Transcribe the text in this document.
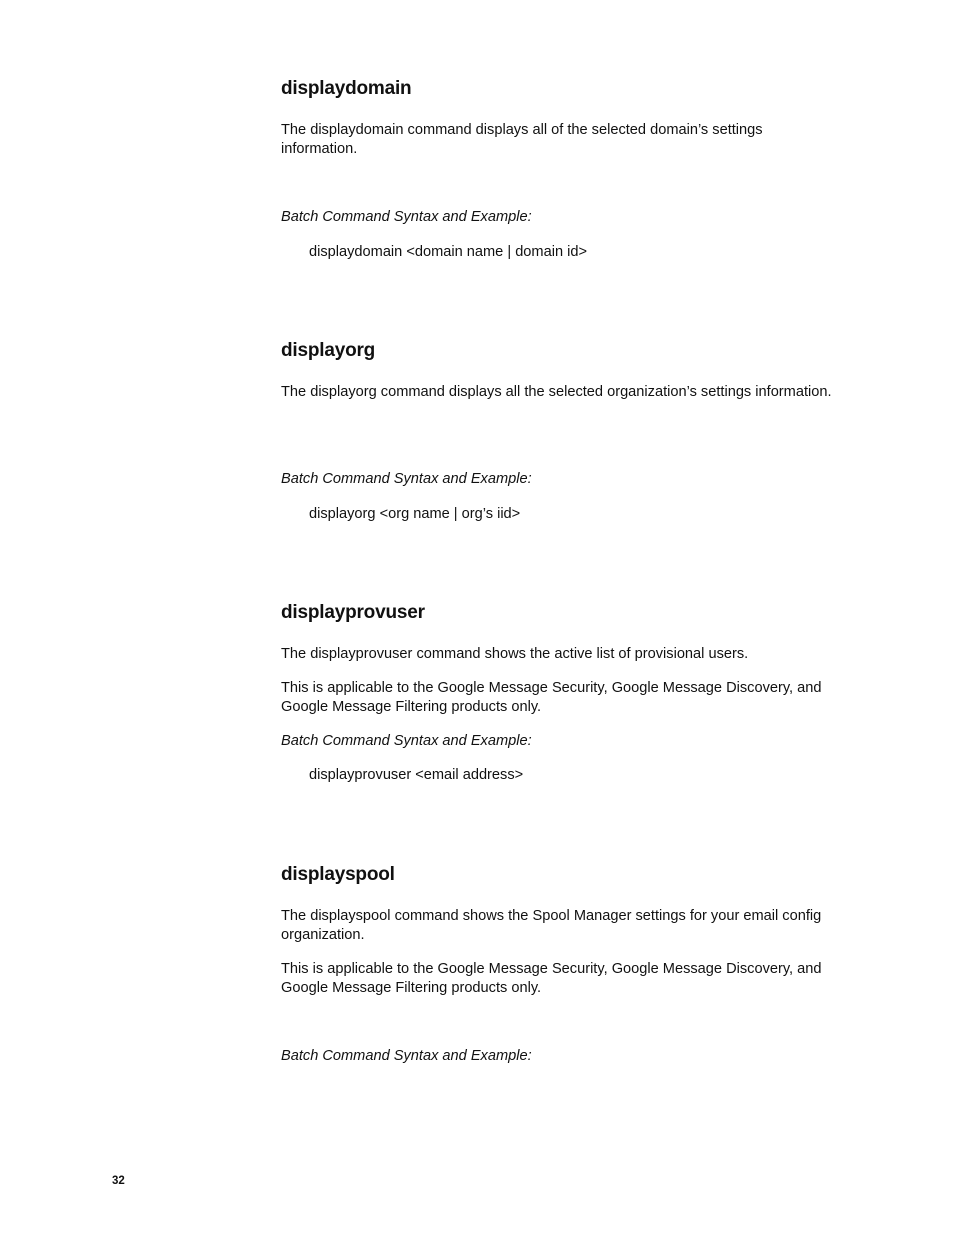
displaydomain

The displaydomain command displays all of the selected domain’s settings information.

Batch Command Syntax and Example:

displaydomain <domain name | domain id>

displayorg

The displayorg command displays all the selected organization’s settings information.

Batch Command Syntax and Example:

displayorg <org name | org’s iid>

displayprovuser

The displayprovuser command shows the active list of provisional users.

This is applicable to the Google Message Security, Google Message Discovery, and Google Message Filtering products only.

Batch Command Syntax and Example:

displayprovuser <email address>

displayspool

The displayspool command shows the Spool Manager settings for your email config organization.

This is applicable to the Google Message Security, Google Message Discovery, and Google Message Filtering products only.

Batch Command Syntax and Example:

32
